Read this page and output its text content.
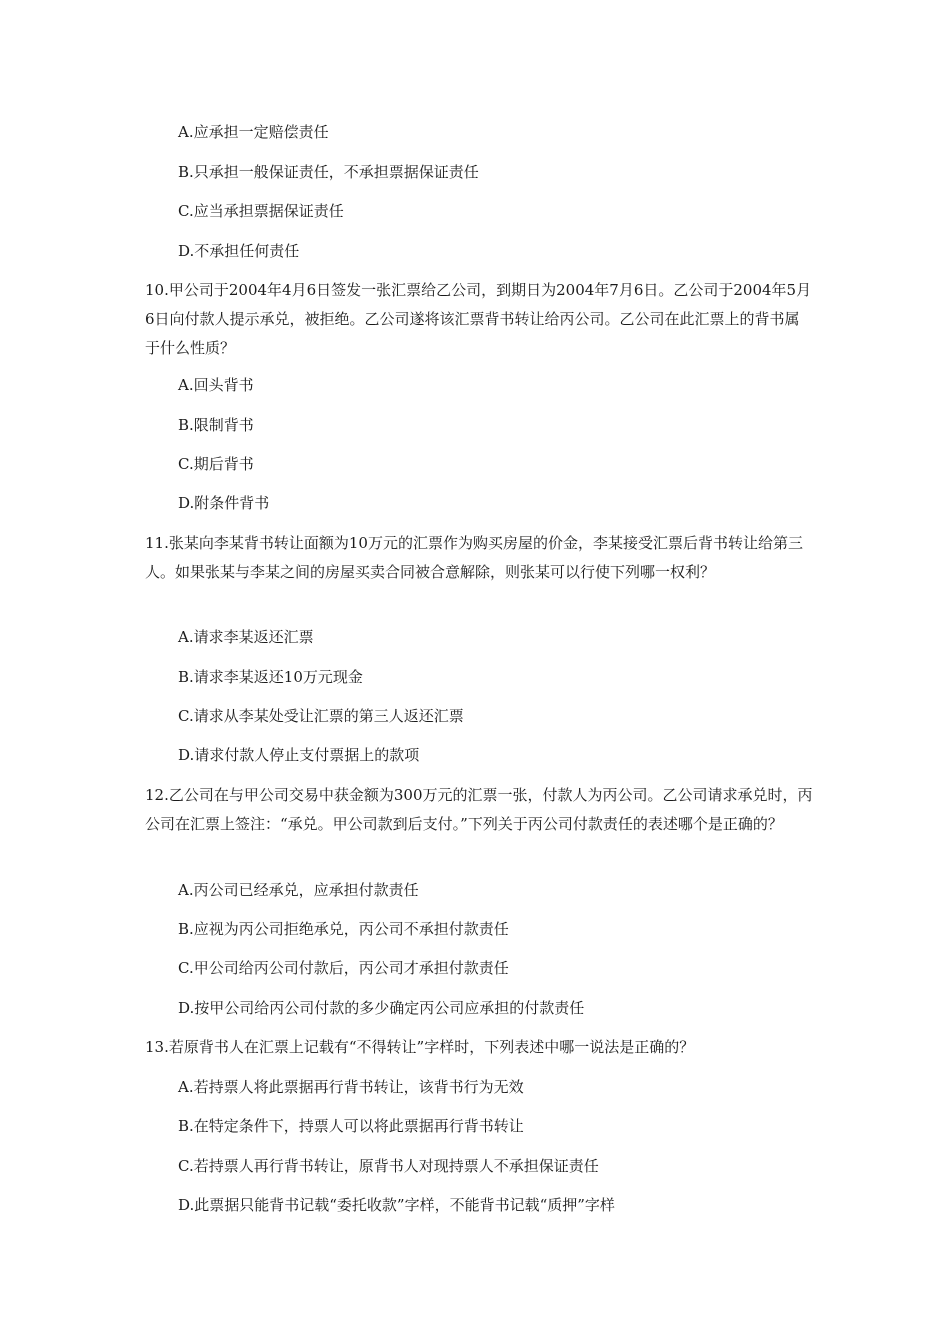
A.应承担一定赔偿责任
B.只承担一般保证责任，不承担票据保证责任
C.应当承担票据保证责任
D.不承担任何责任
10.甲公司于2004年4月6日签发一张汇票给乙公司，到期日为2004年7月6日。乙公司于2004年5月6日向付款人提示承兑，被拒绝。乙公司遂将该汇票背书转让给丙公司。乙公司在此汇票上的背书属于什么性质？
A.回头背书
B.限制背书
C.期后背书
D.附条件背书
11.张某向李某背书转让面额为10万元的汇票作为购买房屋的价金，李某接受汇票后背书转让给第三人。如果张某与李某之间的房屋买卖合同被合意解除，则张某可以行使下列哪一权利？
A.请求李某返还汇票
B.请求李某返还10万元现金
C.请求从李某处受让汇票的第三人返还汇票
D.请求付款人停止支付票据上的款项
12.乙公司在与甲公司交易中获金额为300万元的汇票一张，付款人为丙公司。乙公司请求承兑时，丙公司在汇票上签注：“承兑。甲公司款到后支付。”下列关于丙公司付款责任的表述哪个是正确的？
A.丙公司已经承兑，应承担付款责任
B.应视为丙公司拒绝承兑，丙公司不承担付款责任
C.甲公司给丙公司付款后，丙公司才承担付款责任
D.按甲公司给丙公司付款的多少确定丙公司应承担的付款责任
13.若原背书人在汇票上记载有“不得转让”字样时，下列表述中哪一说法是正确的？
A.若持票人将此票据再行背书转让，该背书行为无效
B.在特定条件下，持票人可以将此票据再行背书转让
C.若持票人再行背书转让，原背书人对现持票人不承担保证责任
D.此票据只能背书记载“委托收款”字样，不能背书记载“质押”字样
